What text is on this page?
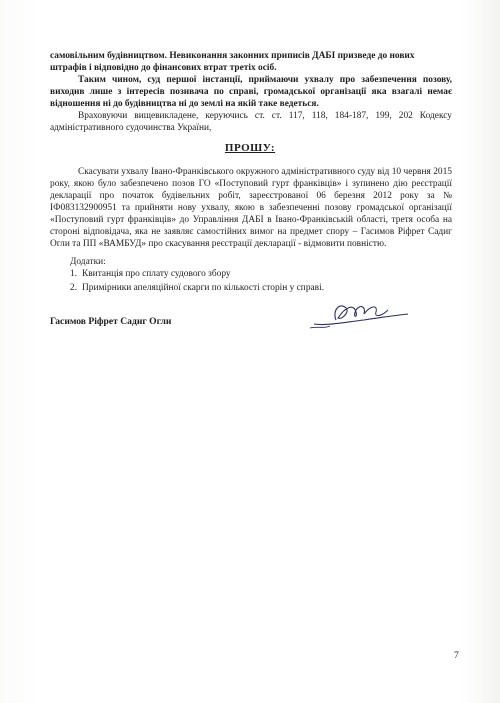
самовільним будівництвом. Невиконання законних приписів ДАБІ призведе до нових
штрафів і відповідно до фінансових втрат третіх осіб.

Таким чином, суд першої інстанції, приймаючи ухвалу про забезпечення позову, виходив лише з інтересів позивача по справі, громадської організації яка взагалі немає відношення ні до будівництва ні до землі на якій таке ведеться.

Враховуючи вищевикладене, керуючись ст. ст. 117, 118, 184-187, 199, 202 Кодексу адміністративного судочинства України,

ПРОШУ:

Скасувати ухвалу Івано-Франківського окружного адміністративного суду від 10 червня 2015 року, якою було забезпечено позов ГО «Поступовий гурт франківців» і зупинено дію реєстрації декларації про початок будівельних робіт, зареєстрованої 06 березня 2012 року за № ІФ083132900951 та прийняти нову ухвалу, якою в забезпеченні позову громадської організації «Поступовий гурт франківців» до Управління ДАБІ в Івано-Франківській області, третя особа на стороні відповідача, яка не заявляє самостійних вимог на предмет спору – Гасимов Ріфрет Садиг Огли та ПП «ВАМБУД» про скасування реєстрації декларації - відмовити повністю.

Додатки:

1. Квитанція про сплату судового збору
2. Примірники апеляційної скарги по кількості сторін у справі.
Гасимов Ріфрет Садиг Огли
7
